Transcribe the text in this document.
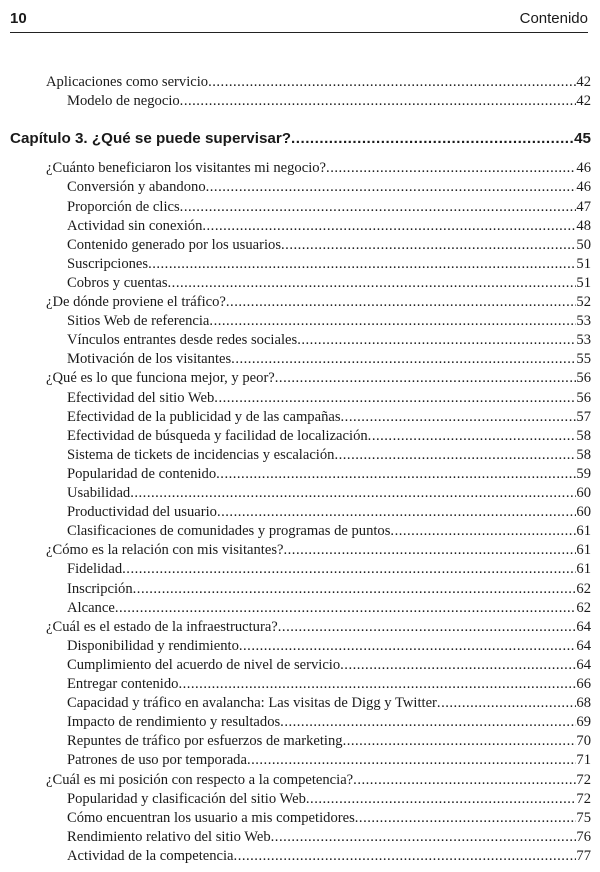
10	Contenido
Aplicaciones como servicio .....	42
Modelo de negocio .....	42
Capítulo 3. ¿Qué se puede supervisar? .....	45
¿Cuánto beneficiaron los visitantes mi negocio? .....	46
Conversión y abandono .....	46
Proporción de clics .....	47
Actividad sin conexión .....	48
Contenido generado por los usuarios .....	50
Suscripciones .....	51
Cobros y cuentas .....	51
¿De dónde proviene el tráfico? .....	52
Sitios Web de referencia .....	53
Vínculos entrantes desde redes sociales .....	53
Motivación de los visitantes .....	55
¿Qué es lo que funciona mejor, y peor? .....	56
Efectividad del sitio Web .....	56
Efectividad de la publicidad y de las campañas .....	57
Efectividad de búsqueda y facilidad de localización .....	58
Sistema de tickets de incidencias y escalación .....	58
Popularidad de contenido .....	59
Usabilidad .....	60
Productividad del usuario .....	60
Clasificaciones de comunidades y programas de puntos .....	61
¿Cómo es la relación con mis visitantes? .....	61
Fidelidad .....	61
Inscripción .....	62
Alcance .....	62
¿Cuál es el estado de la infraestructura? .....	64
Disponibilidad y rendimiento .....	64
Cumplimiento del acuerdo de nivel de servicio .....	64
Entregar contenido .....	66
Capacidad y tráfico en avalancha: Las visitas de Digg y Twitter .....	68
Impacto de rendimiento y resultados .....	69
Repuntes de tráfico por esfuerzos de marketing .....	70
Patrones de uso por temporada .....	71
¿Cuál es mi posición con respecto a la competencia? .....	72
Popularidad y clasificación del sitio Web .....	72
Cómo encuentran los usuario a mis competidores .....	75
Rendimiento relativo del sitio Web .....	76
Actividad de la competencia .....	77
